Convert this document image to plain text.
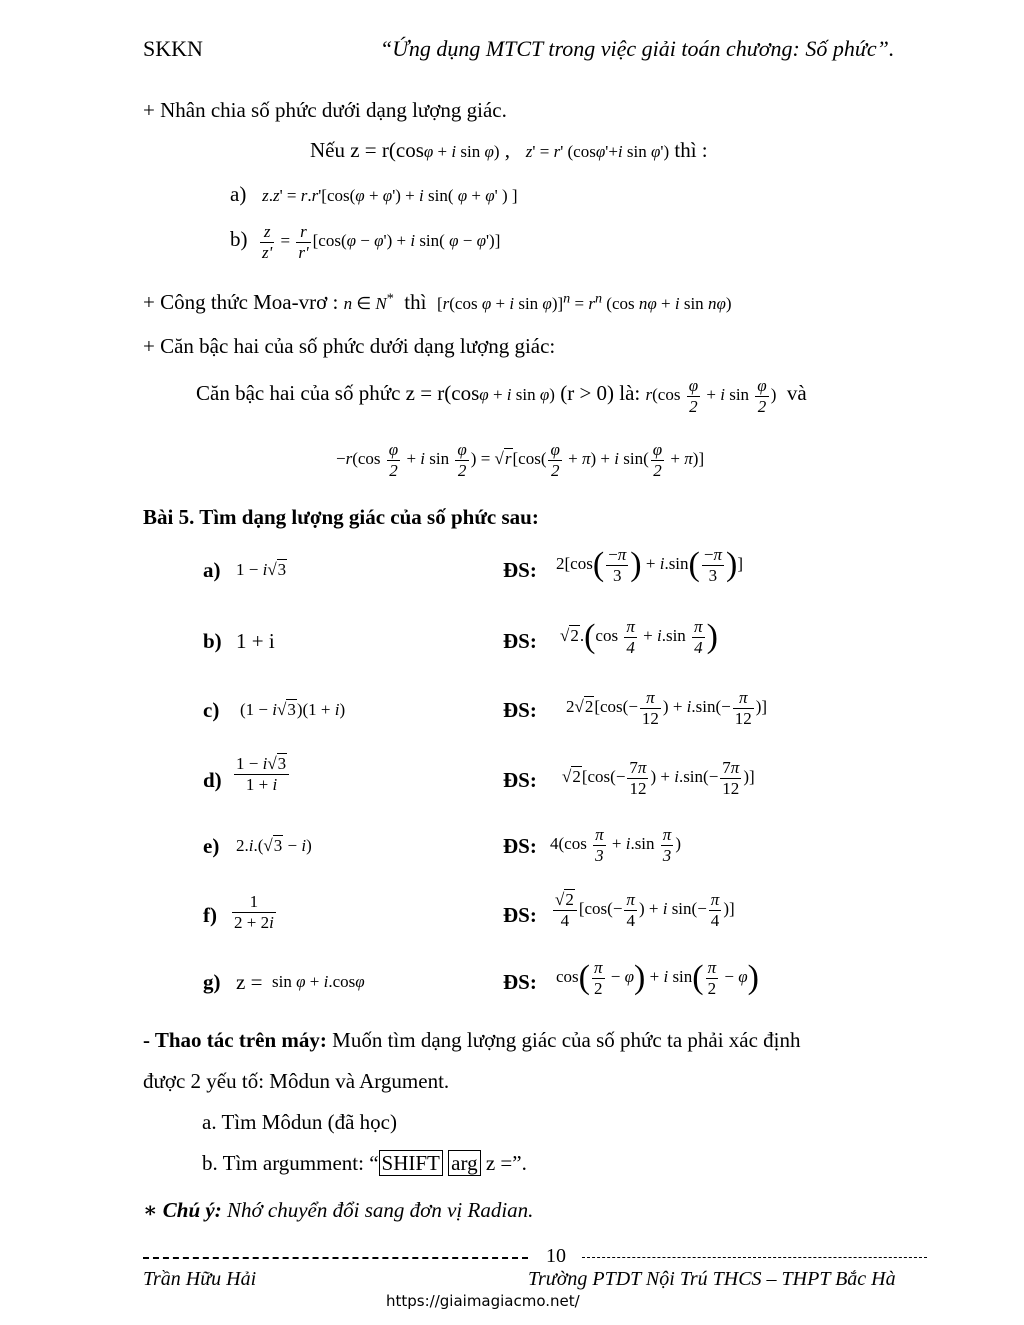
SKKN	“Ứng dụng MTCT trong việc giải toán chương: Số phức”.
+ Nhân chia số phức dưới dạng lượng giác.
Nếu z = r(cosφ + i sin φ) ,   z' = r' (cosφ'+i sin φ') thì :
a) z.z' = r.r'[cos(φ + φ') + i sin( φ + φ' ) ]
$b) \frac{z}{z'} = \frac{r}{r'} [\cos(\varphi - \varphi') + i$ sin( φ − φ')]
+ Công thức Moa-vrơ : n ∈ N* thì [r(cos φ + i $\sin \varphi)]^n = r^n$ (cos nφ + i sin nφ)
+ Căn bậc hai của số phức dưới dạng lượng giác:
Căn bậc hai của số phức z = r(cosφ + i sin φ) (r > 0) là: $r(\cos \frac{\varphi}{2} + i$ $\sin \frac{\varphi}{2}$ ) và
$-r(\cos \frac{\varphi}{2} + i$ $\sin \frac{\varphi}{2}$ ) = $√r[\cos( \frac{\varphi}{2} + \pi) + i$ $\sin( \frac{\varphi}{2} + \pi)$]
Bài 5. Tìm dạng lượng giác của số phức sau:
a) 1 − i√3	ĐS: $2[\cos( \frac{-\pi}{3}$ ) + $i.\sin( \frac{-\pi}{3}$ )]
b) 1 + i	ĐS: $√2.(\cos \frac{\pi}{4} + i.\sin \frac{\pi}{4}$ )
c) (1 − i√3)(1 + i)	ĐS: $2√2[\cos(- \frac{\pi}{12}$ ) + $i.\sin(- \frac{\pi}{12}$ )]
$d) \frac{1 - i√3}{1 + i}$	ĐS: $√2[\cos(- \frac{7\pi}{12}$ ) + $i.\sin(- \frac{7\pi}{12}$ )]
e) 2.i.(√3 − i)	ĐS: $4(\cos \frac{\pi}{3} + i.\sin \frac{\pi}{3}$ )
$f) \frac{1}{2 + 2i}$	ĐS: $\frac{√2}{4} [\cos(- \frac{\pi}{4}$ ) + i $\sin(- \frac{\pi}{4}$ )]
g) z = sin φ + i.cosφ	ĐS: $\cos( \frac{\pi}{2} - \varphi) + i$ $\sin( \frac{\pi}{2} - \varphi)$
- Thao tác trên máy: Muốn tìm dạng lượng giác của số phức ta phải xác định
được 2 yếu tố: Môdun và Argument.
a. Tìm Môdun (đã học)
b. Tìm argumment: “ SHIFT arg z =”.
∗ Chú ý: Nhớ chuyển đổi sang đơn vị Radian.
10
Trần Hữu Hải	Trường PTDT Nội Trú THCS – THPT Bắc Hà
https://giaimagiacmo.net/
